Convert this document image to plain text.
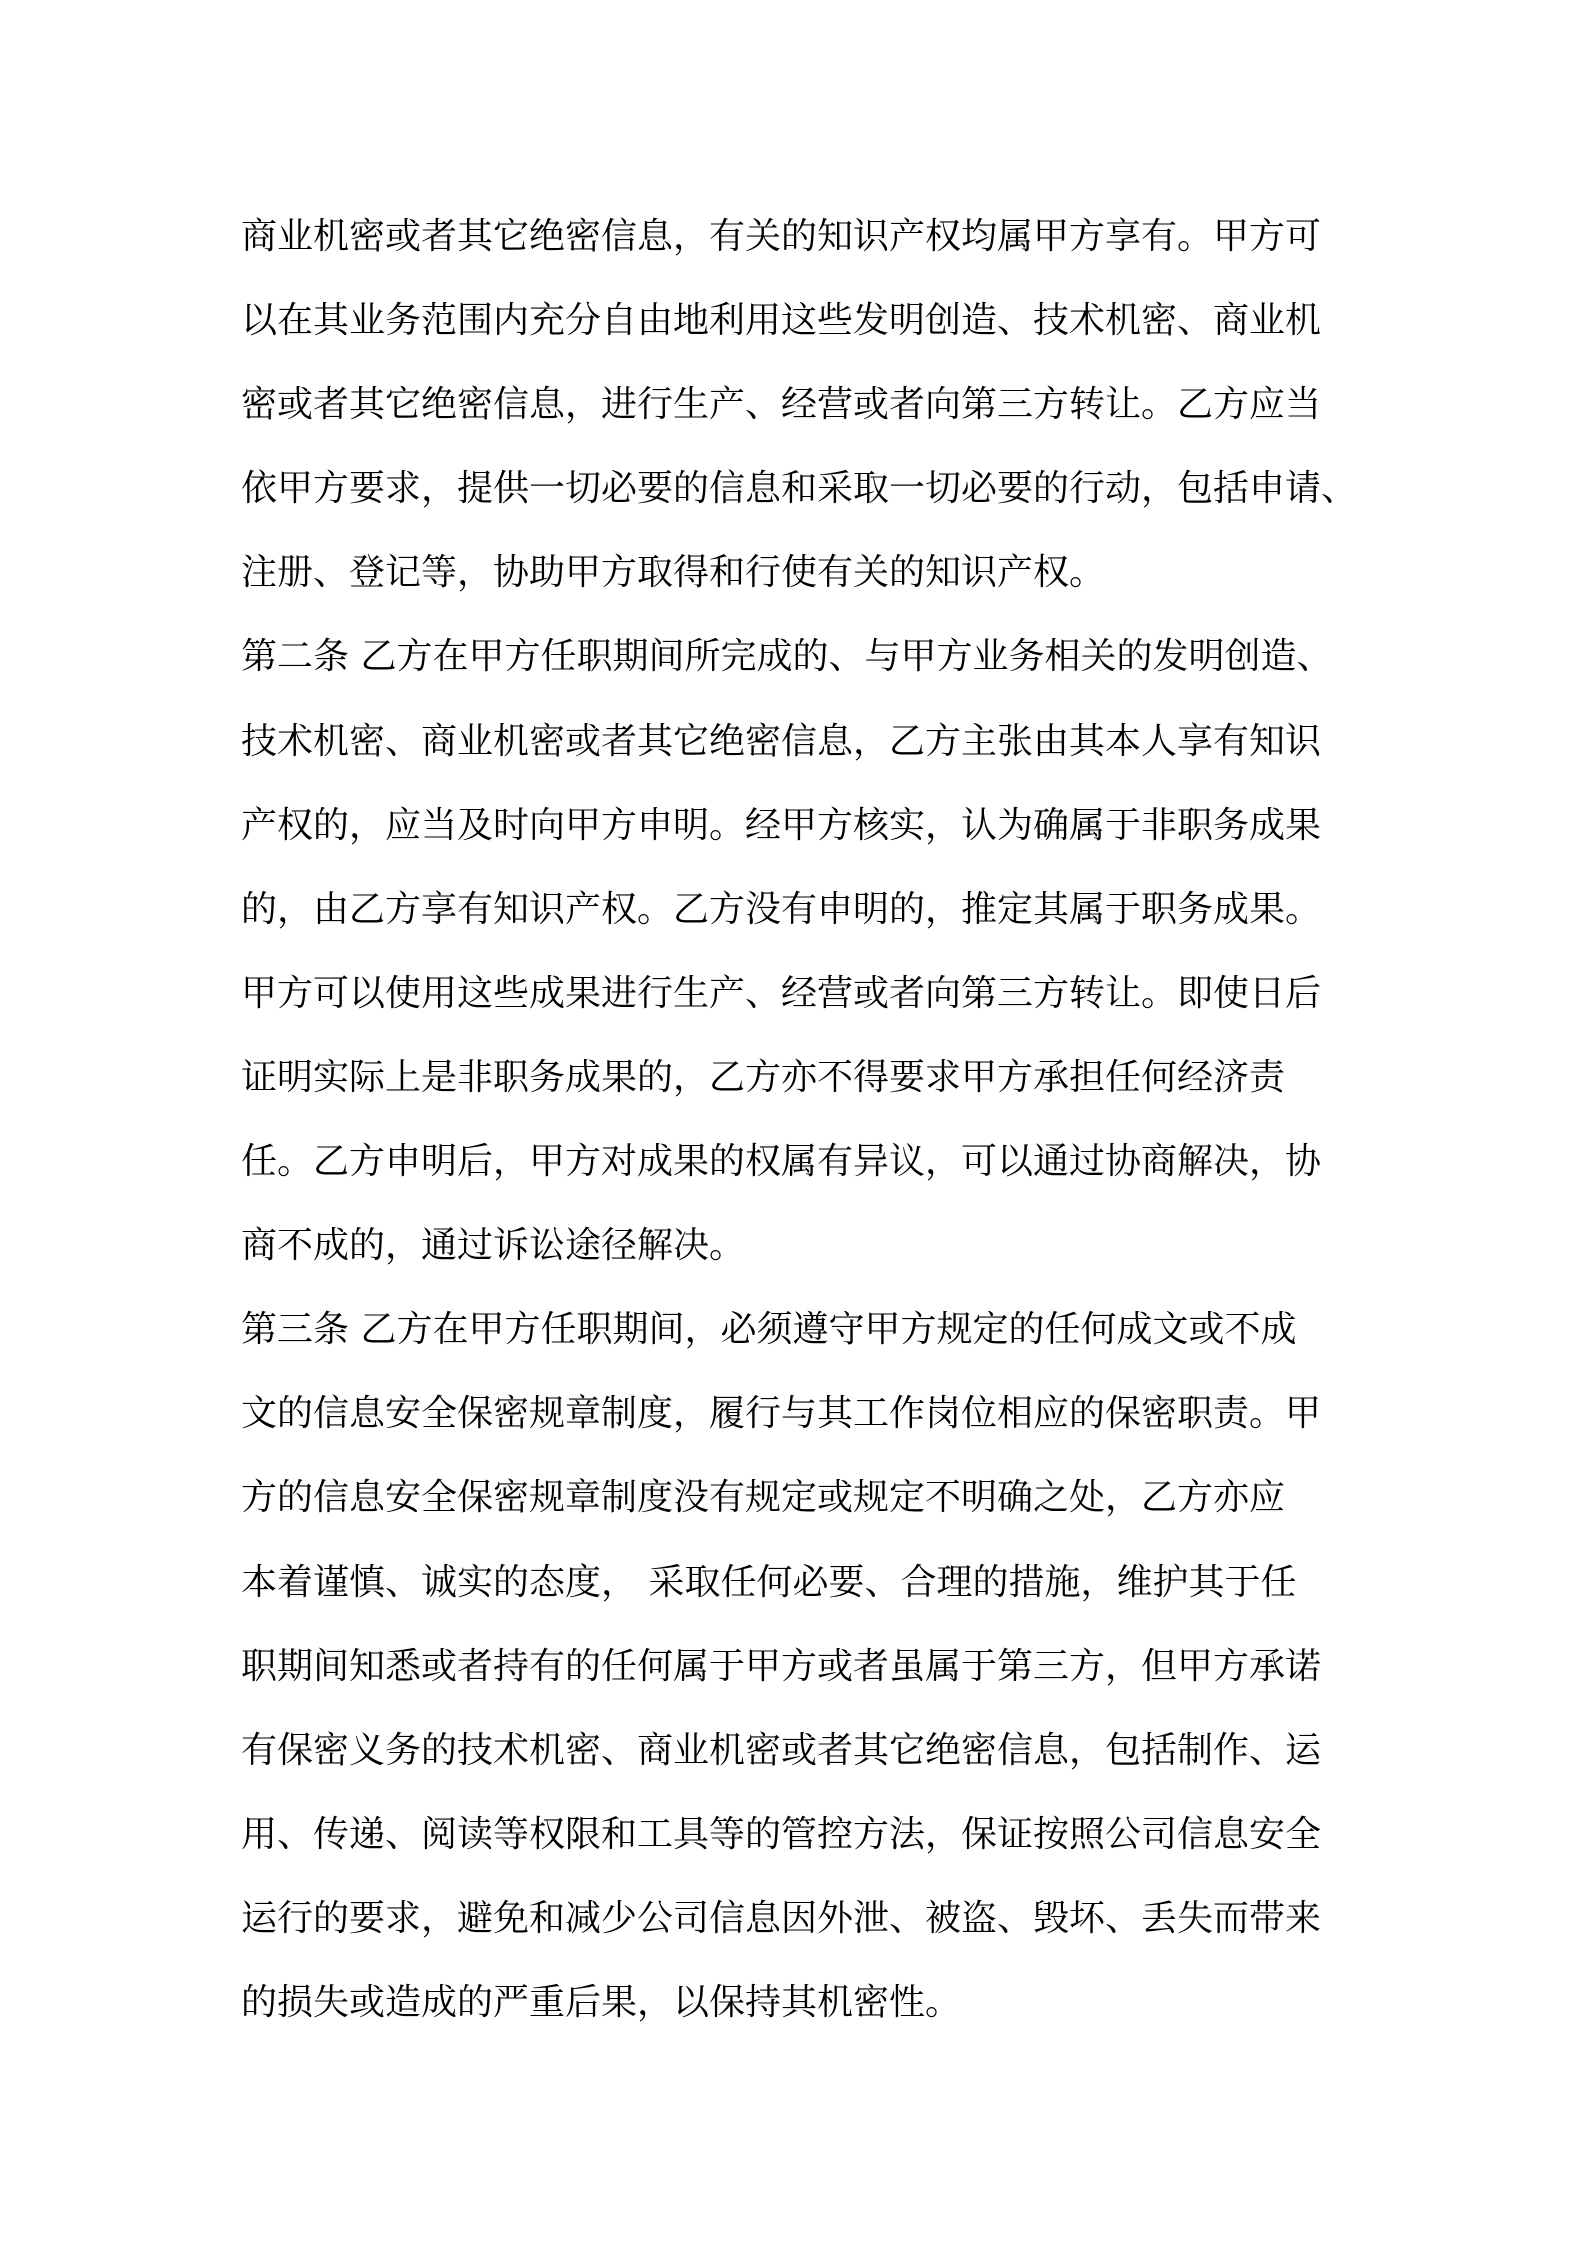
商业机密或者其它绝密信息，有关的知识产权均属甲方享有。甲方可
以在其业务范围内充分自由地利用这些发明创造、技术机密、商业机
密或者其它绝密信息，进行生产、经营或者向第三方转让。乙方应当
依甲方要求，提供一切必要的信息和采取一切必要的行动，包括申请、
注册、登记等，协助甲方取得和行使有关的知识产权。
第二条 乙方在甲方任职期间所完成的、与甲方业务相关的发明创造、
技术机密、商业机密或者其它绝密信息，乙方主张由其本人享有知识
产权的，应当及时向甲方申明。经甲方核实，认为确属于非职务成果
的，由乙方享有知识产权。乙方没有申明的，推定其属于职务成果。
甲方可以使用这些成果进行生产、经营或者向第三方转让。即使日后
证明实际上是非职务成果的，乙方亦不得要求甲方承担任何经济责
任。乙方申明后，甲方对成果的权属有异议，可以通过协商解决，协
商不成的，通过诉讼途径解决。
第三条 乙方在甲方任职期间，必须遵守甲方规定的任何成文或不成
文的信息安全保密规章制度，履行与其工作岗位相应的保密职责。甲
方的信息安全保密规章制度没有规定或规定不明确之处，乙方亦应
本着谨慎、诚实的态度， 采取任何必要、合理的措施，维护其于任
职期间知悉或者持有的任何属于甲方或者虽属于第三方，但甲方承诺
有保密义务的技术机密、商业机密或者其它绝密信息，包括制作、运
用、传递、阅读等权限和工具等的管控方法，保证按照公司信息安全
运行的要求，避免和减少公司信息因外泄、被盗、毁坏、丢失而带来
的损失或造成的严重后果，以保持其机密性。
